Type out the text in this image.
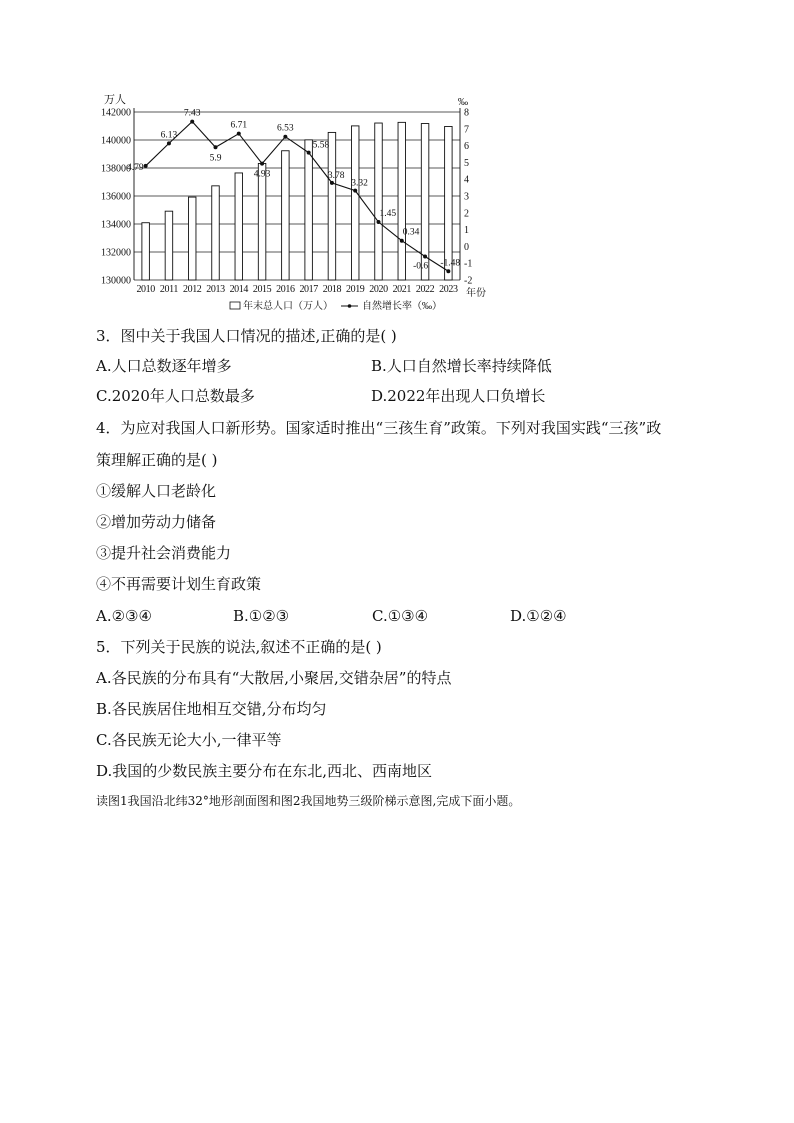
130000
132000
134000
136000
138000
140000
142000
-2
-1
0
1
2
3
4
5
6
7
8
2010 2011 2012 2013 2014 2015 2016 2017 2018 2019 2020 2021 2022 2023
4.79
6.13
7.43
5.9
6.71
4.93
6.53
5.58
3.78
3.32
1.45
0.34
-0.6 -1.48
万人	‰
年份
年末总人口（万人）	自然增长率（‰）
3．图中关于我国人口情况的描述,正确的是( )
A.人口总数逐年增多	B.人口自然增长率持续降低
C.2020年人口总数最多	D.2022年出现人口负增长
4．为应对我国人口新形势。国家适时推出“三孩生育”政策。下列对我国实践“三孩”政
策理解正确的是( )
①缓解人口老龄化
②增加劳动力储备
③提升社会消费能力
④不再需要计划生育政策
A.②③④	B.①②③	C.①③④	D.①②④
5．下列关于民族的说法,叙述不正确的是( )
A.各民族的分布具有“大散居,小聚居,交错杂居”的特点
B.各民族居住地相互交错,分布均匀
C.各民族无论大小,一律平等
D.我国的少数民族主要分布在东北,西北、西南地区
读图1我国沿北纬32°地形剖面图和图2我国地势三级阶梯示意图,完成下面小题。
